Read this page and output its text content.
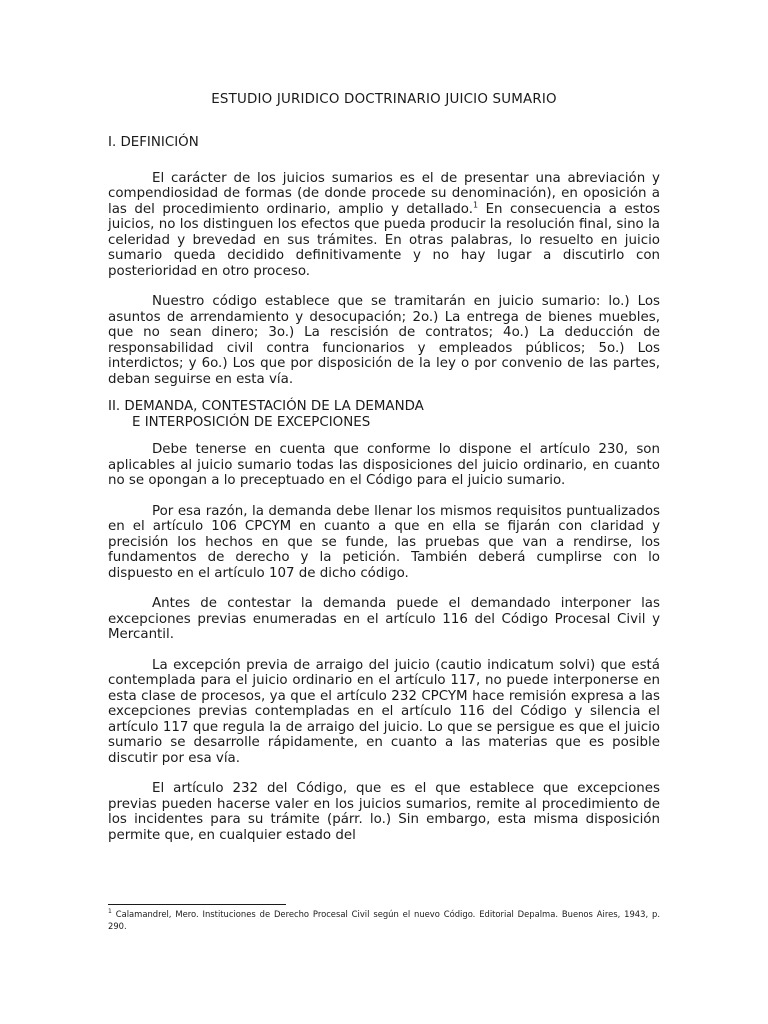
ESTUDIO JURIDICO DOCTRINARIO JUICIO SUMARIO
I. DEFINICIÓN

El carácter de los juicios sumarios es el de presentar una abreviación y compendiosidad de formas (de donde procede su denominación), en oposición a las del procedimiento ordinario, amplio y detallado.$^1$ En consecuencia a estos juicios, no los distinguen los efectos que pueda producir la resolución final, sino la celeridad y brevedad en sus trámites. En otras palabras, lo resuelto en juicio sumario queda decidido definitivamente y no hay lugar a discutirlo con posterioridad en otro proceso.

Nuestro código establece que se tramitarán en juicio sumario: lo.) Los asuntos de arrendamiento y desocupación; 2o.) La entrega de bienes muebles, que no sean dinero; 3o.) La rescisión de contratos; 4o.) La deducción de responsabilidad civil contra funcionarios y empleados públicos; 5o.) Los interdictos; y 6o.) Los que por disposición de la ley o por convenio de las partes, deban seguirse en esta vía.

II. DEMANDA, CONTESTACIÓN DE LA DEMANDA
E INTERPOSICIÓN DE EXCEPCIONES

Debe tenerse en cuenta que conforme lo dispone el artículo 230, son aplicables al juicio sumario todas las disposiciones del juicio ordinario, en cuanto no se opongan a lo preceptuado en el Código para el juicio sumario.

Por esa razón, la demanda debe llenar los mismos requisitos puntualizados en el artículo 106 CPCYM en cuanto a que en ella se fijarán con claridad y precisión los hechos en que se funde, las pruebas que van a rendirse, los fundamentos de derecho y la petición. También deberá cumplirse con lo dispuesto en el artículo 107 de dicho código.

Antes de contestar la demanda puede el demandado interponer las excepciones previas enumeradas en el artículo 116 del Código Procesal Civil y Mercantil.

La excepción previa de arraigo del juicio (cautio indicatum solvi) que está contemplada para el juicio ordinario en el artículo 117, no puede interponerse en esta clase de procesos, ya que el artículo 232 CPCYM hace remisión expresa a las excepciones previas contempladas en el artículo 116 del Código y silencia el artículo 117 que regula la de arraigo del juicio. Lo que se persigue es que el juicio sumario se desarrolle rápidamente, en cuanto a las materias que es posible discutir por esa vía.

El artículo 232 del Código, que es el que establece que excepciones previas pueden hacerse valer en los juicios sumarios, remite al procedimiento de los incidentes para su trámite (párr. lo.) Sin embargo, esta misma disposición permite que, en cualquier estado del

$^1$ Calamandrel, Mero. Instituciones de Derecho Procesal Civil según el nuevo Código. Editorial Depalma. Buenos Aires, 1943, p. 290.
